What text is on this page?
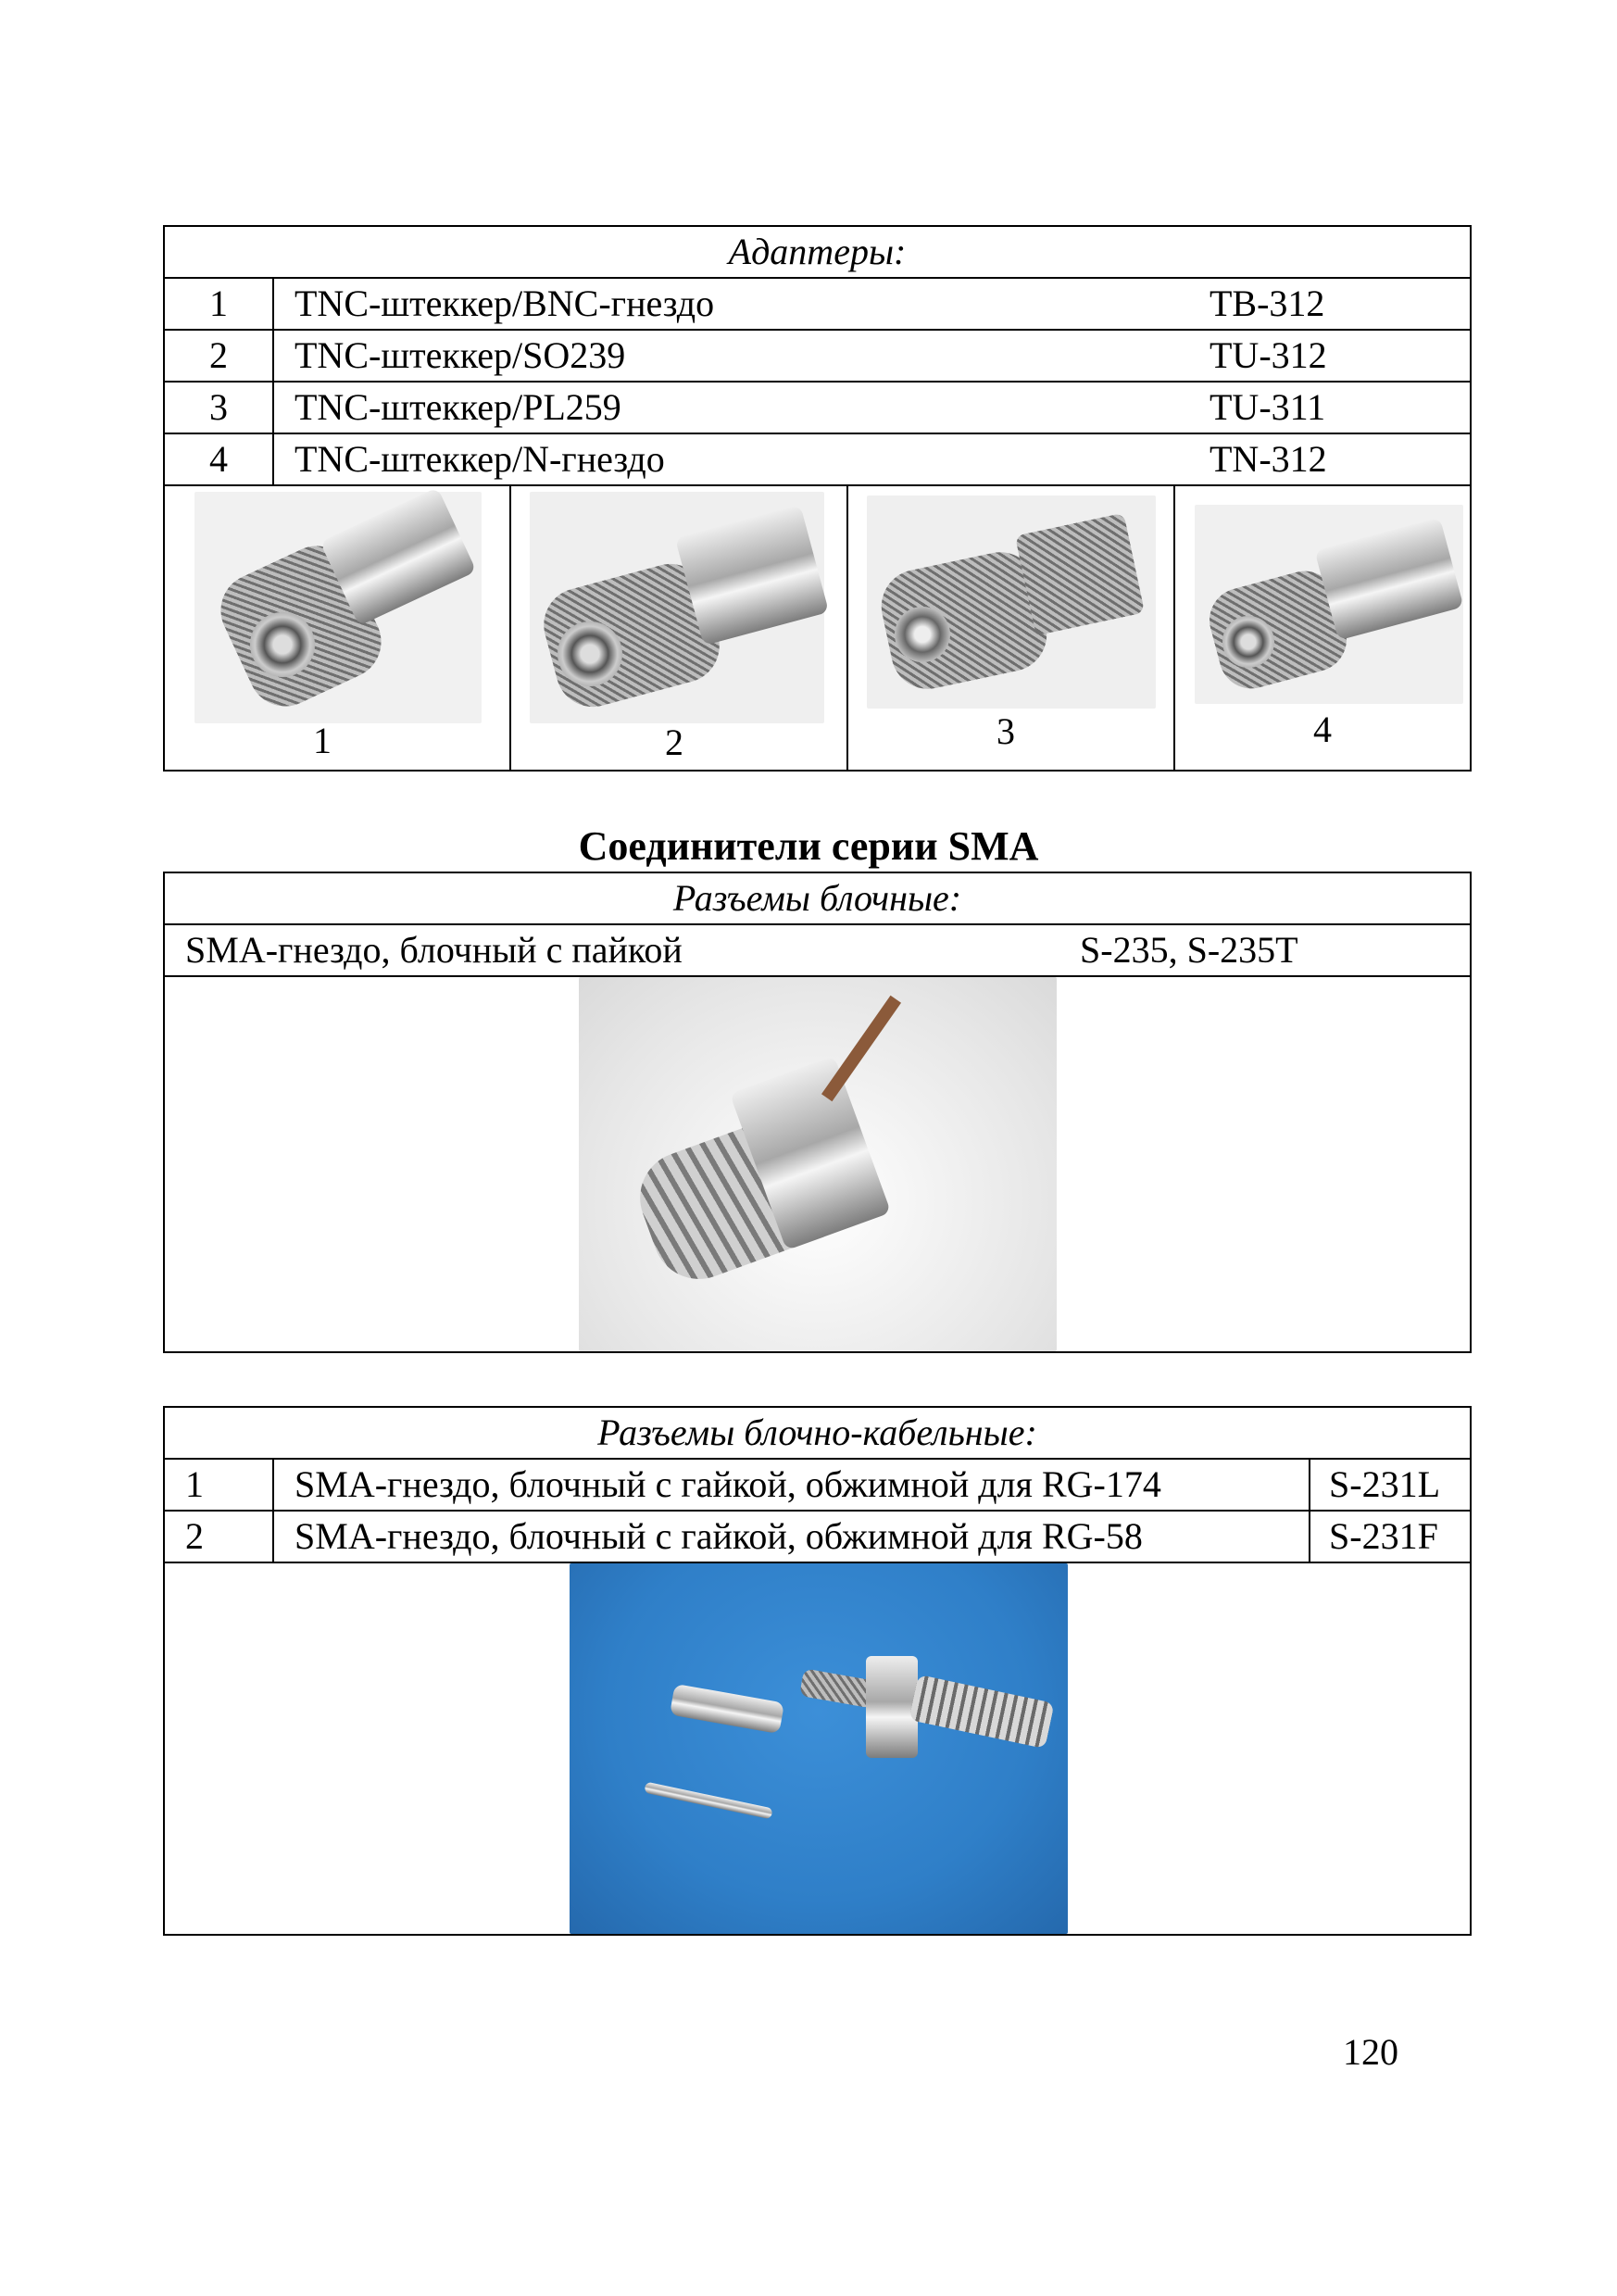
Адаптеры:	
1	TNC-штеккер/BNC-гнездо TB-312

2	TNC-штеккер/SO239 TU-312

3	TNC-штеккер/PL259 TU-311

4	TNC-штеккер/N-гнездо TN-312

1 2 3 4	
Соединители серии SMA
Разъемы блочные:
SMA-гнездо, блочный с пайкой	S-235, S-235T

Разъемы блочно-кабельные:		
1	SMA-гнездо, блочный с гайкой, обжимной для RG-174	S-231L
2	SMA-гнездо, блочный с гайкой, обжимной для RG-58	S-231F

120
